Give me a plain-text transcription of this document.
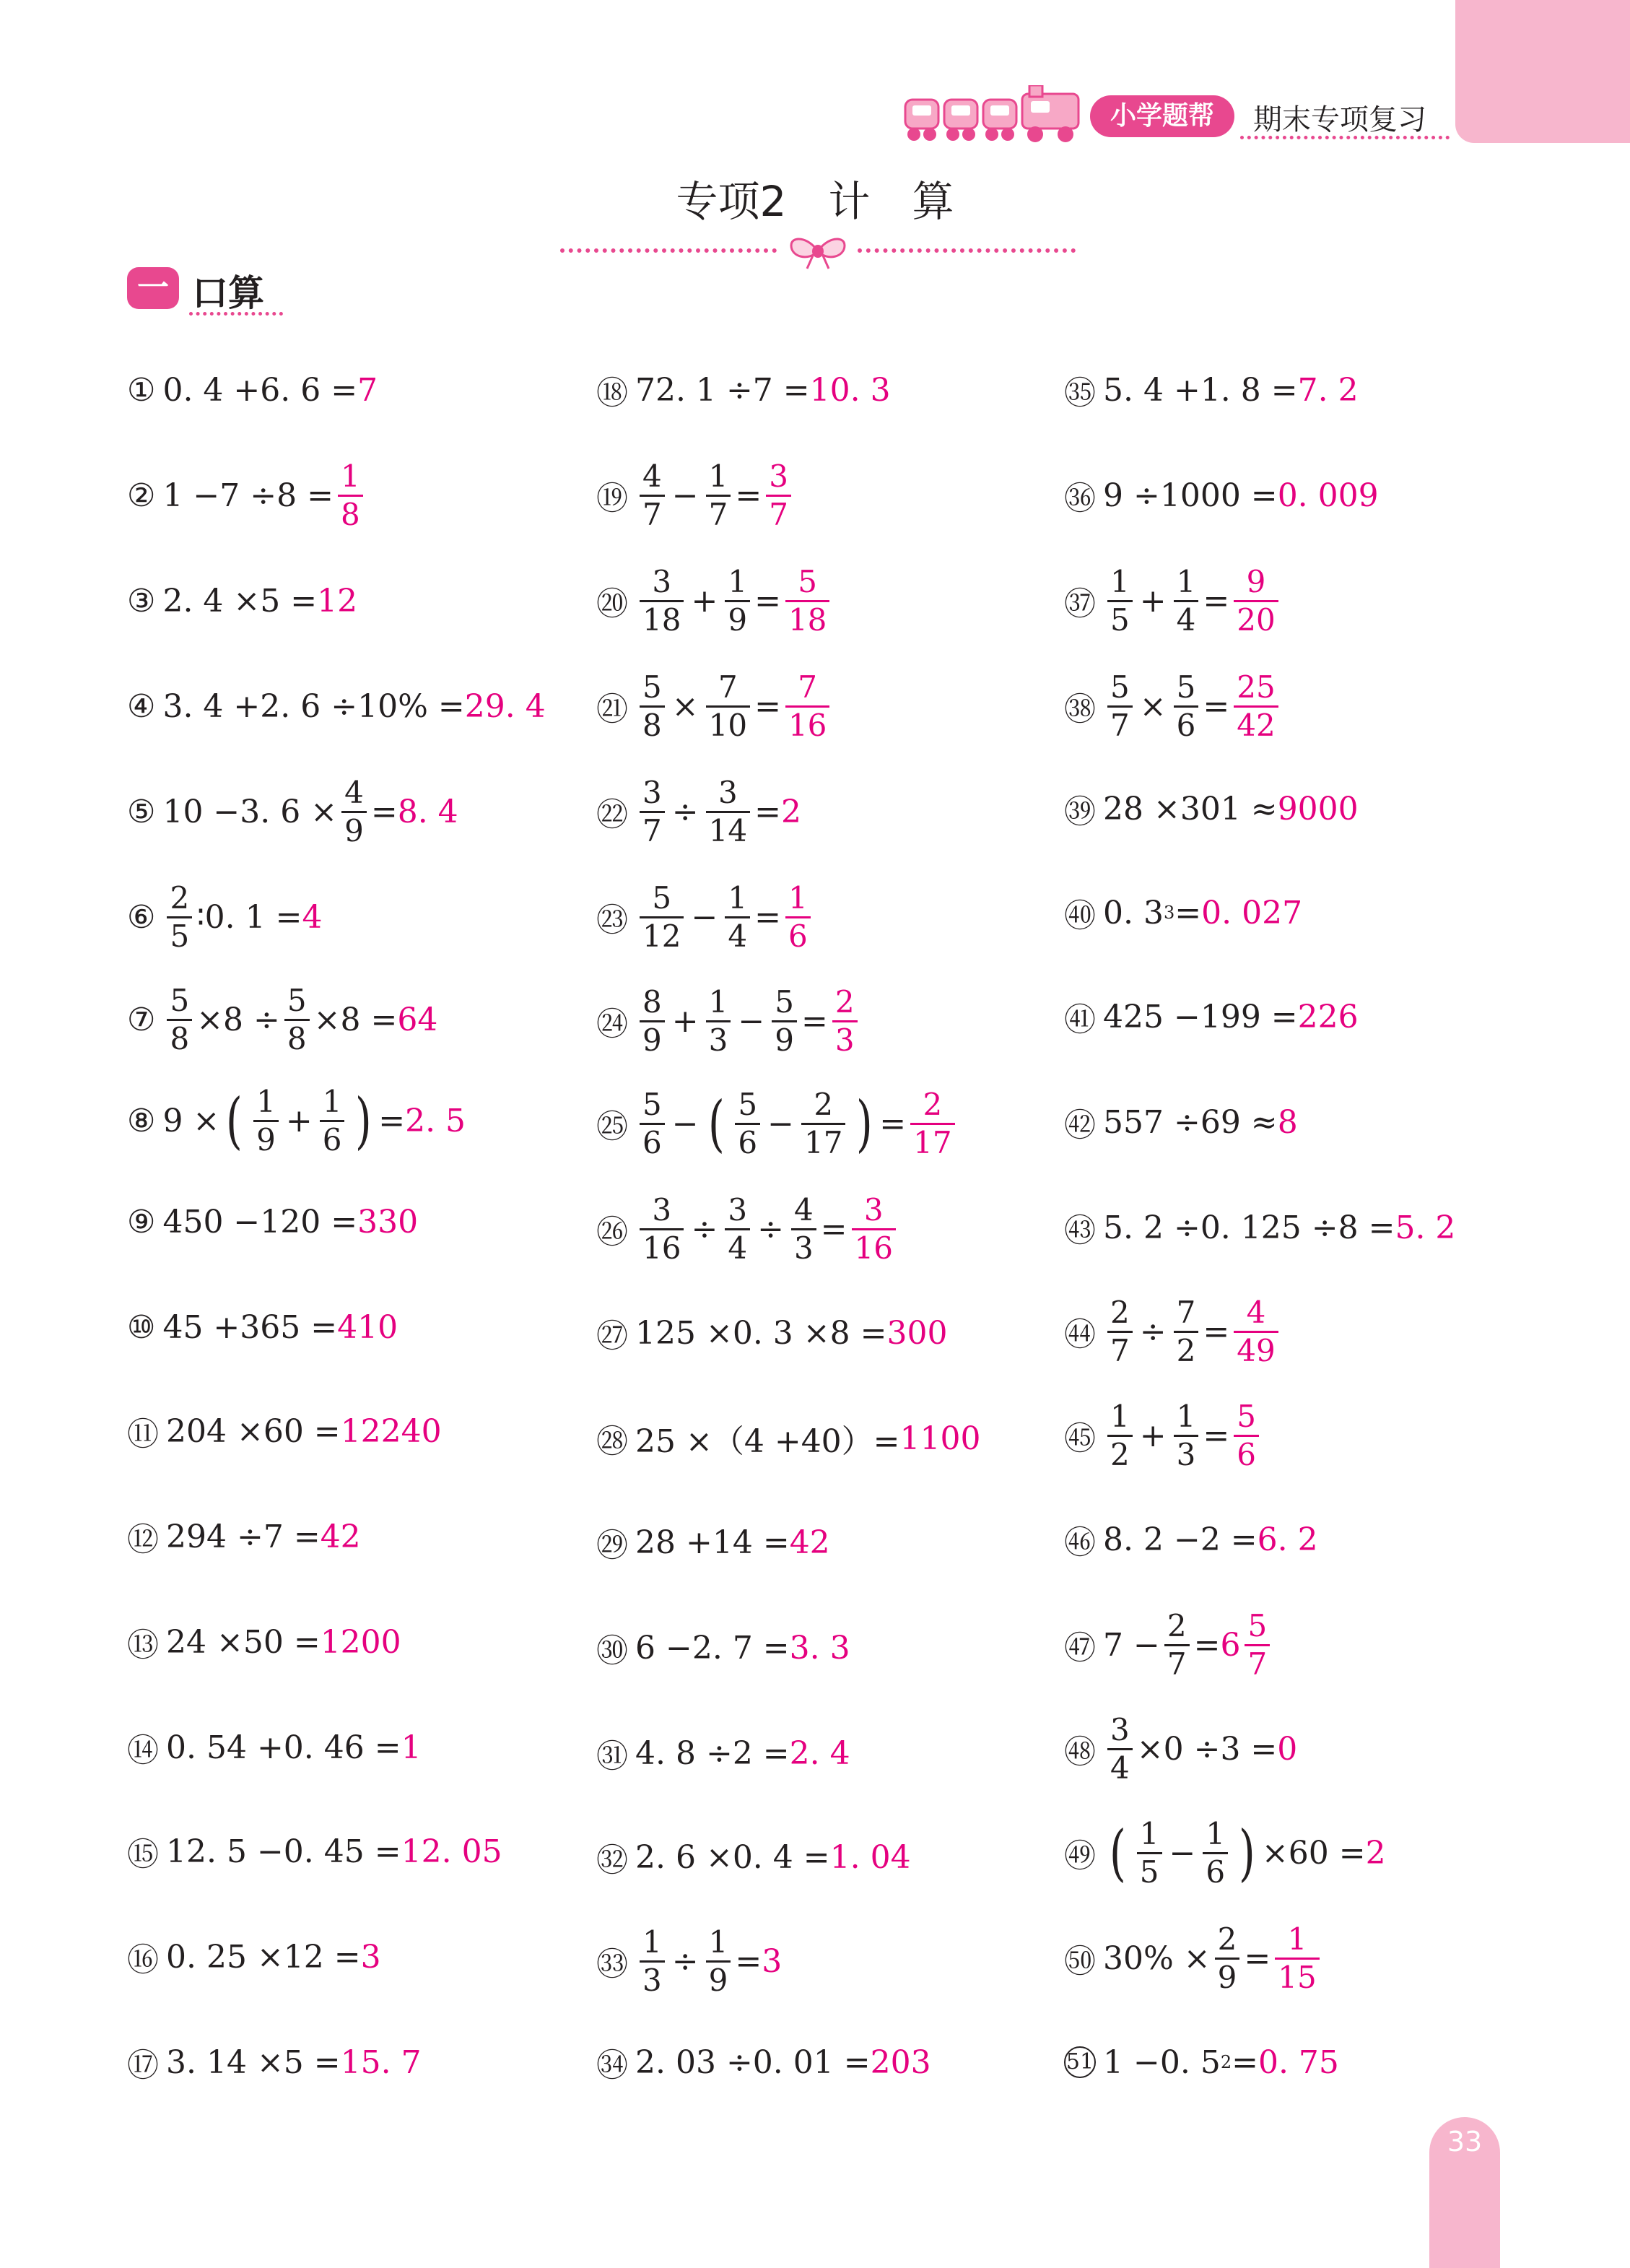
小学题帮	期末专项复习
专项2　计　算
一 口算
① 0. 4 +6. 6 = 7
② $1 -7 \div 8 = \frac{1}{8}$
③ 2. 4 ×5 = 12
④ 3. 4 +2. 6 ÷10% = 29. 4
⑤ 10 −3. $6 \times \frac{4}{9} = 8$. 4
⑥ $\frac{2}{5}$ ∶0. 1 = 4
⑦ $\frac{5}{8} \times 8 \div \frac{5}{8} \times 8 = 64$
⑧ 9 × ( $\frac{1}{9} + \frac{1}{6}$ ) = 2. 5
⑨ 450 −120 = 330
⑩ 45 +365 = 410
⑪ 204 ×60 = 12240
⑫ 294 ÷7 = 42
⑬ 24 ×50 = 1200
⑭ 0. 54 +0. 46 = 1
⑮ 12. 5 −0. 45 = 12. 05
⑯ 0. 25 ×12 = 3
⑰ 3. 14 ×5 = 15. 7
⑱ 72. 1 ÷7 = 10. 3
⑲ $\frac{4}{7} - \frac{1}{7} = \frac{3}{7}$
⑳ $\frac{3}{18} + \frac{1}{9} = \frac{5}{18}$
㉑ $\frac{5}{8} \times \frac{7}{10} = \frac{7}{16}$
㉒ $\frac{3}{7} \div \frac{3}{14} = 2$
㉓ $\frac{5}{12} - \frac{1}{4} = \frac{1}{6}$
㉔ $\frac{8}{9} + \frac{1}{3} - \frac{5}{9} = \frac{2}{3}$
㉕ $\frac{5}{6}$ − ( $\frac{5}{6} - \frac{2}{17}$ ) = $\frac{2}{17}$
㉖ $\frac{3}{16} \div \frac{3}{4} \div \frac{4}{3} = \frac{3}{16}$
㉗ 125 ×0. 3 ×8 = 300
㉘ 25 ×（4 +40）= 1100
㉙ 28 +14 = 42
㉚ 6 −2. 7 = 3. 3
㉛ 4. 8 ÷2 = 2. 4
㉜ 2. 6 ×0. 4 = 1. 04
㉝ $\frac{1}{3} \div \frac{1}{9} = 3$
㉞ 2. 03 ÷0. 01 = 203
㉟ 5. 4 +1. 8 = 7. 2
㊱ 9 ÷1000 = 0. 009
㊲ $\frac{1}{5} + \frac{1}{4} = \frac{9}{20}$
㊳ $\frac{5}{7} \times \frac{5}{6} = \frac{25}{42}$
㊴ 28 ×301 ≈ 9000
㊵ 0. 3 3 = 0. 027
㊶ 425 −199 = 226
㊷ 557 ÷69 ≈ 8
㊸ 5. 2 ÷0. 125 ÷8 = 5. 2
㊹ $\frac{2}{7} \div \frac{7}{2} = \frac{4}{49}$
㊺ $\frac{1}{2} + \frac{1}{3} = \frac{5}{6}$
㊻ 8. 2 −2 = 6. 2
㊼ $7 - \frac{2}{7} = 6 \frac{5}{7}$
㊽ $\frac{3}{4} \times 0 \div 3 = 0$
㊾ ( $\frac{1}{5} - \frac{1}{6}$ ) ×60 = 2
㊿ $30\% \times \frac{2}{9} = \frac{1}{15}$
51 1 −0. 5 2 = 0. 75
33
